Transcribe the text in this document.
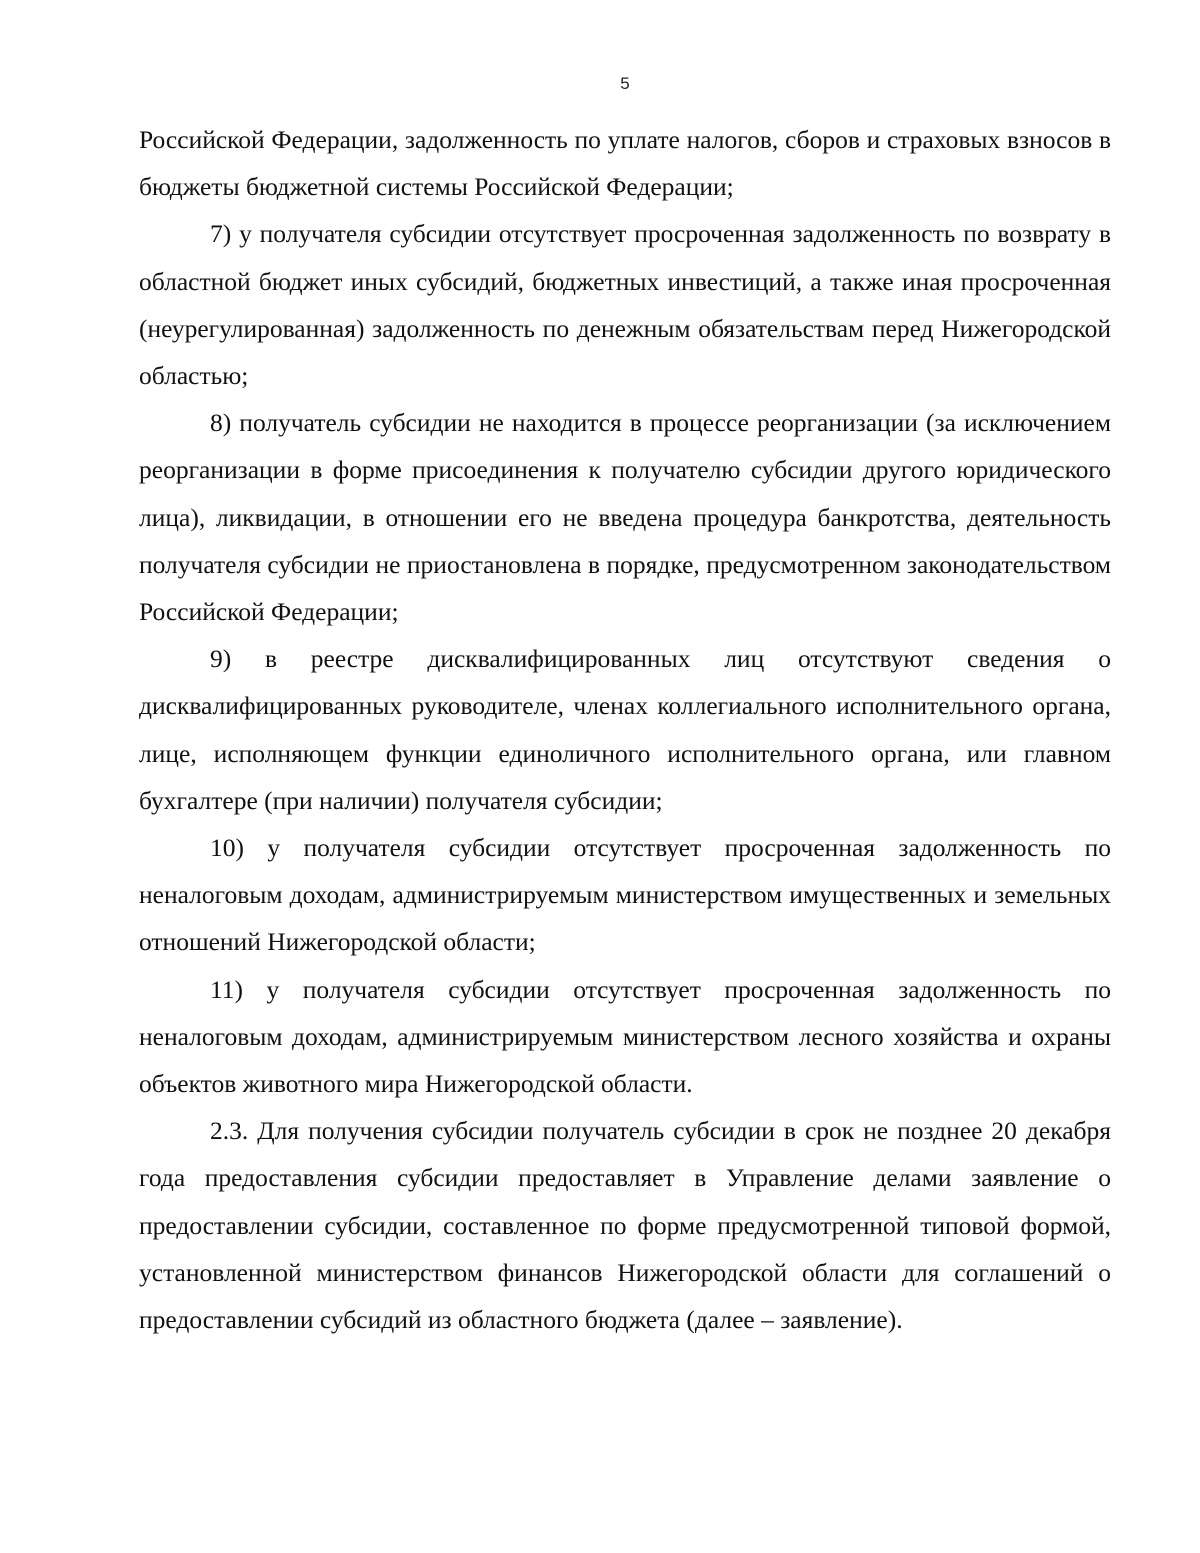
5

Российской Федерации, задолженность по уплате налогов, сборов и страховых взносов в бюджеты бюджетной системы Российской Федерации;

7) у получателя субсидии отсутствует просроченная задолженность по возврату в областной бюджет иных субсидий, бюджетных инвестиций, а также иная просроченная (неурегулированная) задолженность по денежным обязательствам перед Нижегородской областью;

8) получатель субсидии не находится в процессе реорганизации (за исключением реорганизации в форме присоединения к получателю субсидии другого юридического лица), ликвидации, в отношении его не введена процедура банкротства, деятельность получателя субсидии не приостановлена в порядке, предусмотренном законодательством Российской Федерации;

9) в реестре дисквалифицированных лиц отсутствуют сведения о дисквалифицированных руководителе, членах коллегиального исполнительного органа, лице, исполняющем функции единоличного исполнительного органа, или главном бухгалтере (при наличии) получателя субсидии;

10) у получателя субсидии отсутствует просроченная задолженность по неналоговым доходам, администрируемым министерством имущественных и земельных отношений Нижегородской области;

11) у получателя субсидии отсутствует просроченная задолженность по неналоговым доходам, администрируемым министерством лесного хозяйства и охраны объектов животного мира Нижегородской области.

2.3. Для получения субсидии получатель субсидии в срок не позднее 20 декабря года предоставления субсидии предоставляет в Управление делами заявление о предоставлении субсидии, составленное по форме предусмотренной типовой формой, установленной министерством финансов Нижегородской области для соглашений о предоставлении субсидий из областного бюджета (далее – заявление).
